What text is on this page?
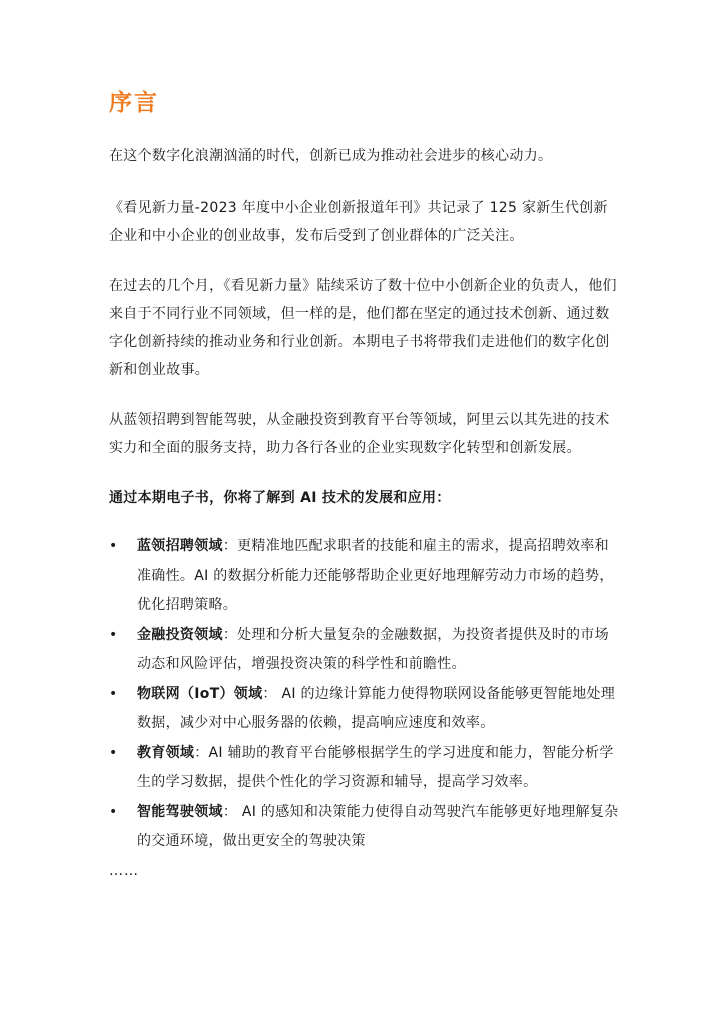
序言

在这个数字化浪潮汹涌的时代，创新已成为推动社会进步的核心动力。

《看见新力量-2023 年度中小企业创新报道年刊》共记录了 125 家新生代创新企业和中小企业的创业故事，发布后受到了创业群体的广泛关注。

在过去的几个月，《看见新力量》陆续采访了数十位中小创新企业的负责人，他们来自于不同行业不同领域，但一样的是，他们都在坚定的通过技术创新、通过数字化创新持续的推动业务和行业创新。本期电子书将带我们走进他们的数字化创新和创业故事。

从蓝领招聘到智能驾驶，从金融投资到教育平台等领域，阿里云以其先进的技术实力和全面的服务支持，助力各行各业的企业实现数字化转型和创新发展。

通过本期电子书，你将了解到 AI 技术的发展和应用：

• 蓝领招聘领域：更精准地匹配求职者的技能和雇主的需求，提高招聘效率和准确性。AI 的数据分析能力还能够帮助企业更好地理解劳动力市场的趋势，优化招聘策略。
• 金融投资领域：处理和分析大量复杂的金融数据，为投资者提供及时的市场动态和风险评估，增强投资决策的科学性和前瞻性。
• 物联网（IoT）领域： AI 的边缘计算能力使得物联网设备能够更智能地处理数据，减少对中心服务器的依赖，提高响应速度和效率。
• 教育领域：AI 辅助的教育平台能够根据学生的学习进度和能力，智能分析学生的学习数据，提供个性化的学习资源和辅导，提高学习效率。
• 智能驾驶领域： AI 的感知和决策能力使得自动驾驶汽车能够更好地理解复杂的交通环境，做出更安全的驾驶决策
……
